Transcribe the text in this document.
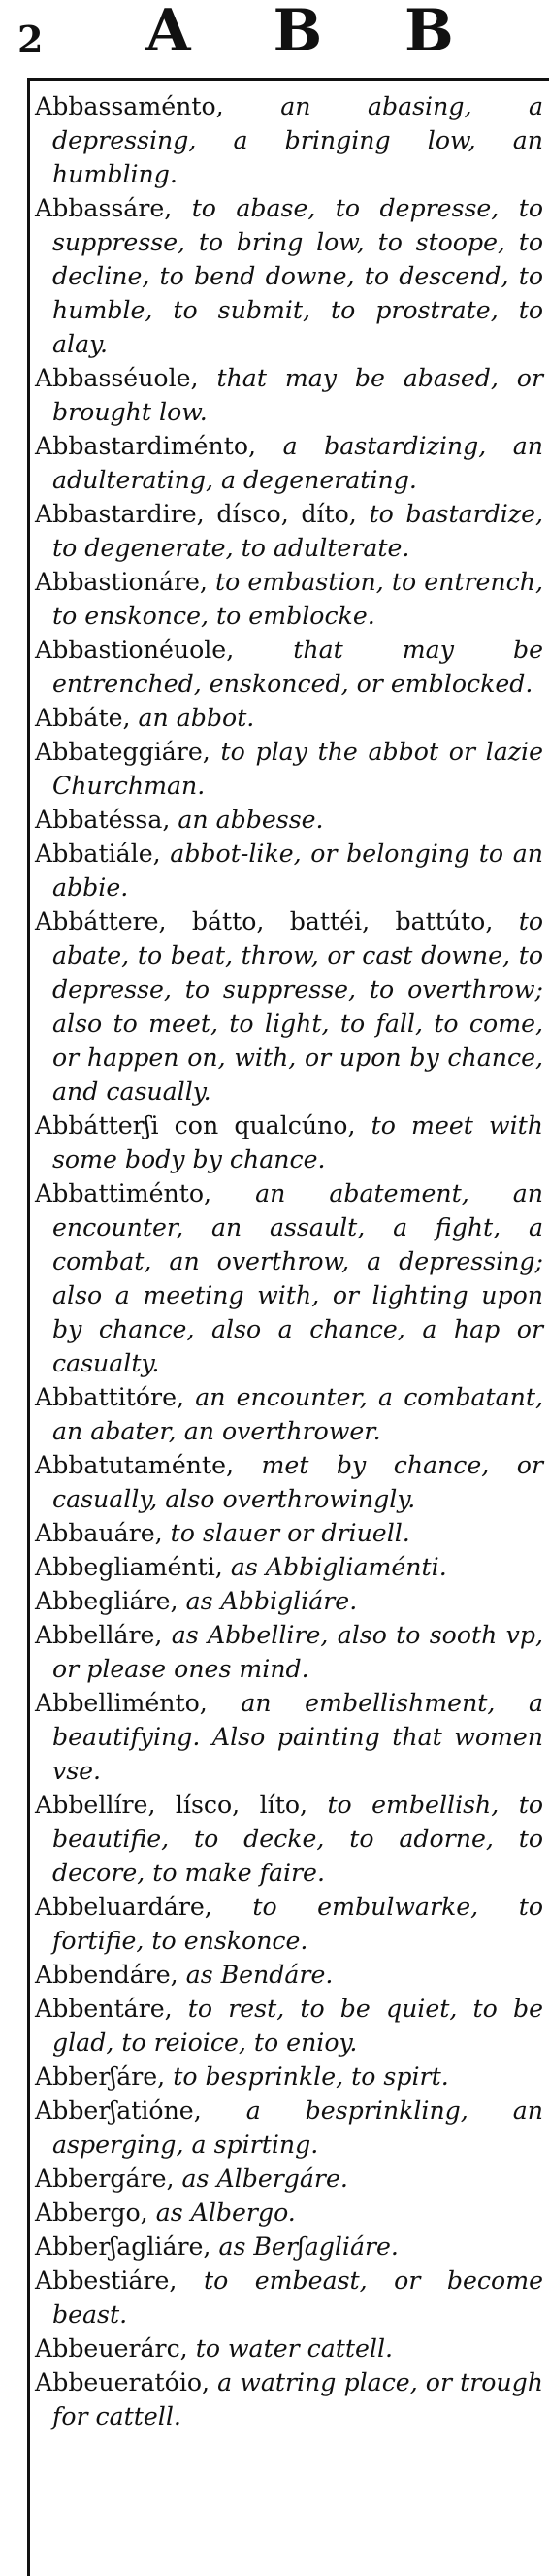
2 A B B

Abbassaménto, an abasing, a depressing, a bringing low, an humbling.

Abbassáre, to abase, to depresse, to suppresse, to bring low, to stoope, to decline, to bend downe, to descend, to humble, to submit, to prostrate, to alay.

Abbasséuole, that may be abased, or brought low.

Abbastardiménto, a bastardizing, an adulterating, a degenerating.

Abbastardire, dísco, díto, to bastardize, to degenerate, to adulterate.

Abbastionáre, to embastion, to entrench, to enskonce, to emblocke.

Abbastionéuole, that may be entrenched, enskonced, or emblocked.

Abbáte, an abbot.

Abbateggiáre, to play the abbot or lazie Churchman.

Abbatéssa, an abbesse.

Abbatiále, abbot-like, or belonging to an abbie.

Abbáttere, bátto, battéi, battúto, to abate, to beat, throw, or cast downe, to depresse, to suppresse, to overthrow; also to meet, to light, to fall, to come, or happen on, with, or upon by chance, and casually.

Abbátterʃi con qualcúno, to meet with some body by chance.

Abbattiménto, an abatement, an encounter, an assault, a fight, a combat, an overthrow, a depressing; also a meeting with, or lighting upon by chance, also a chance, a hap or casualty.

Abbattitóre, an encounter, a combatant, an abater, an overthrower.

Abbatutaménte, met by chance, or casually, also overthrowingly.

Abbauáre, to slauer or driuell.

Abbegliaménti, as Abbigliaménti.

Abbegliáre, as Abbigliáre.

Abbelláre, as Abbellire, also to sooth vp, or please ones mind.

Abbelliménto, an embellishment, a beautifying. Also painting that women vse.

Abbellíre, lísco, líto, to embellish, to beautifie, to decke, to adorne, to decore, to make faire.

Abbeluardáre, to embulwarke, to fortifie, to enskonce.

Abbendáre, as Bendáre.

Abbentáre, to rest, to be quiet, to be glad, to reioice, to enioy.

Abberʃáre, to besprinkle, to spirt.

Abberʃatióne, a besprinkling, an asperging, a spirting.

Abbergáre, as Albergáre.

Abbergo, as Albergo.

Abberʃagliáre, as Berʃagliáre.

Abbestiáre, to embeast, or become beast.

Abbeuerárc, to water cattell.

Abbeueratóio, a watring place, or trough for cattell.
